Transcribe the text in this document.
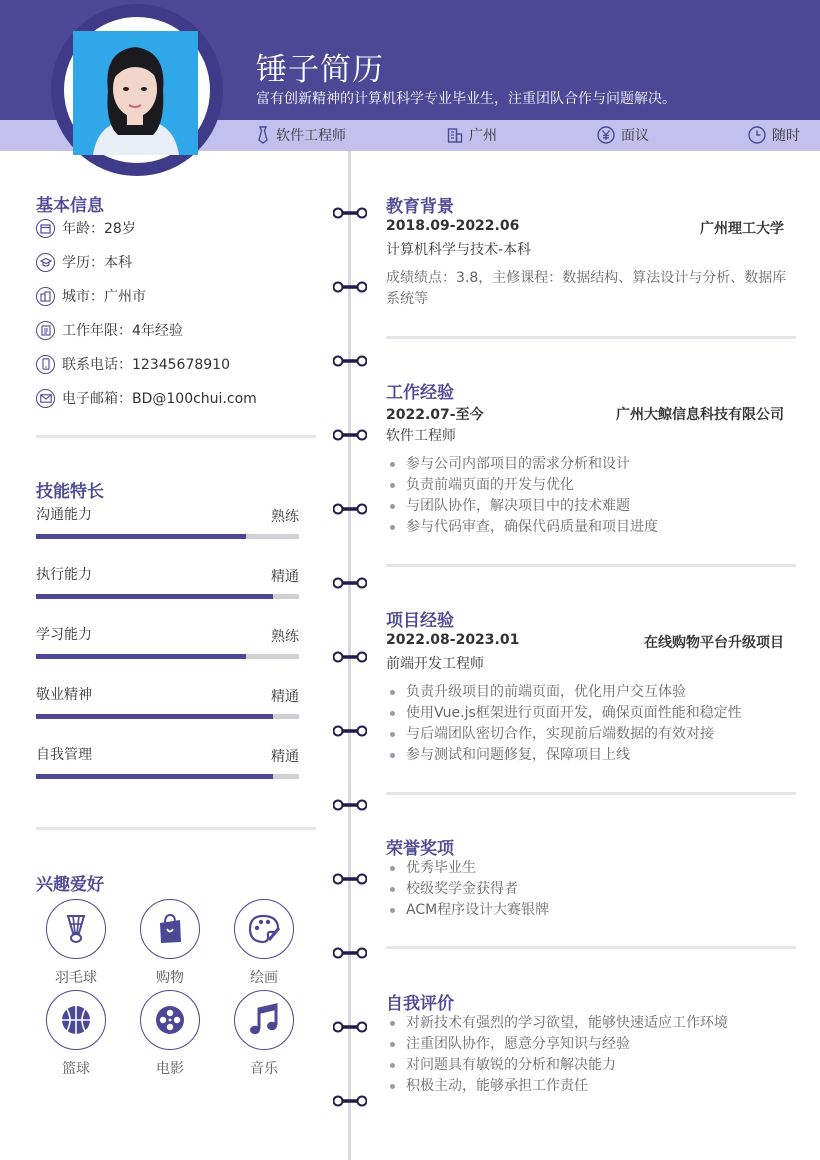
锤子简历
富有创新精神的计算机科学专业毕业生，注重团队合作与问题解决。
软件工程师	广州	面议	随时
基本信息
年龄：28岁
学历：本科
城市：广州市
工作年限：4年经验
联系电话：12345678910
电子邮箱：BD@100chui.com
技能特长
沟通能力	熟练
执行能力	精通
学习能力	熟练
敬业精神	精通
自我管理	精通
兴趣爱好
羽毛球	购物	绘画
篮球	电影	音乐
教育背景
2018.09-2022.06	广州理工大学
计算机科学与技术-本科
成绩绩点：3.8，主修课程：数据结构、算法设计与分析、数据库系统等
工作经验
2022.07-至今	广州大鲸信息科技有限公司
软件工程师
参与公司内部项目的需求分析和设计
负责前端页面的开发与优化
与团队协作，解决项目中的技术难题
参与代码审查，确保代码质量和项目进度
项目经验
2022.08-2023.01	在线购物平台升级项目
前端开发工程师
负责升级项目的前端页面，优化用户交互体验
使用Vue.js框架进行页面开发，确保页面性能和稳定性
与后端团队密切合作，实现前后端数据的有效对接
参与测试和问题修复，保障项目上线
荣誉奖项
优秀毕业生
校级奖学金获得者
ACM程序设计大赛银牌
自我评价
对新技术有强烈的学习欲望，能够快速适应工作环境
注重团队协作，愿意分享知识与经验
对问题具有敏锐的分析和解决能力
积极主动，能够承担工作责任
